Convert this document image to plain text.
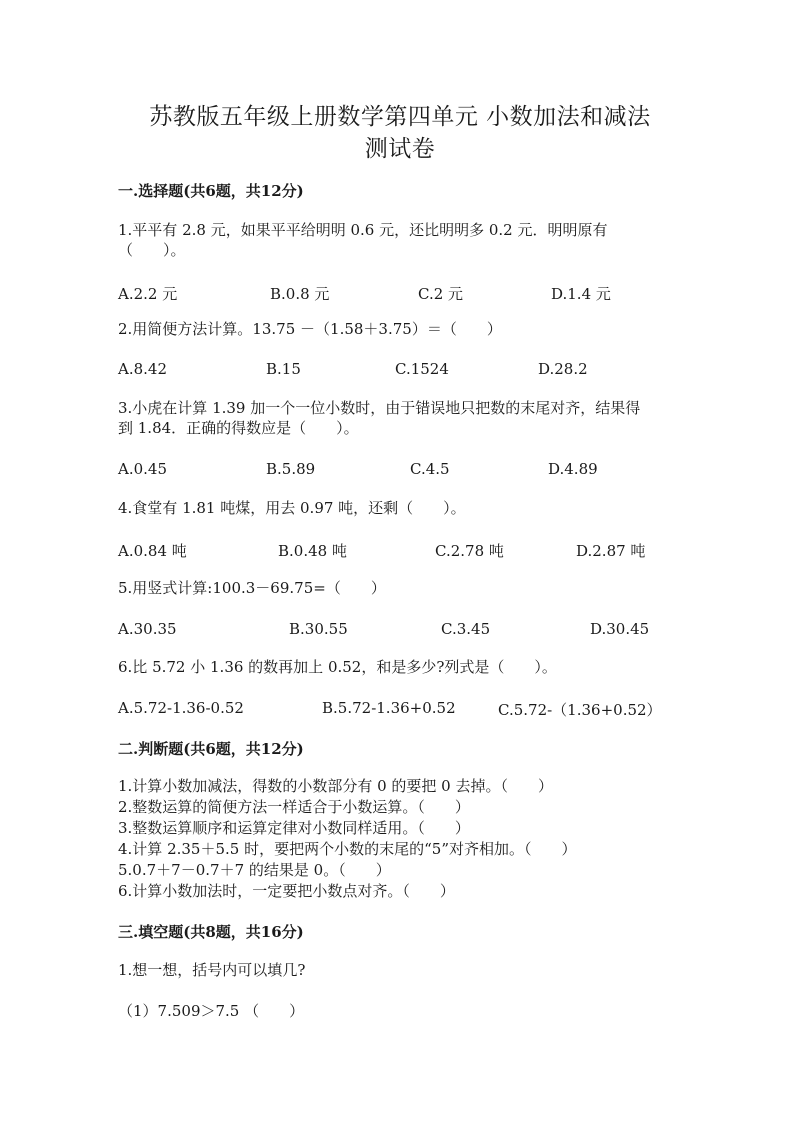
苏教版五年级上册数学第四单元 小数加法和减法
测试卷
一.选择题(共6题，共12分)
1.平平有 2.8 元，如果平平给明明 0.6 元，还比明明多 0.2 元．明明原有
（　　）。
A.2.2 元	B.0.8 元	C.2 元	D.1.4 元
2.用简便方法计算。13.75 －（1.58＋3.75）＝（　　）
A.8.42	B.15	C.1524	D.28.2
3.小虎在计算 1.39 加一个一位小数时，由于错误地只把数的末尾对齐，结果得
到 1.84．正确的得数应是（　　）。
A.0.45	B.5.89	C.4.5	D.4.89
4.食堂有 1.81 吨煤，用去 0.97 吨，还剩（　　）。
A.0.84 吨	B.0.48 吨	C.2.78 吨	D.2.87 吨
5.用竖式计算:100.3－69.75=（　　）
A.30.35	B.30.55	C.3.45	D.30.45
6.比 5.72 小 1.36 的数再加上 0.52，和是多少?列式是（　　）。
A.5.72-1.36-0.52	B.5.72-1.36+0.52	C.5.72-（1.36+0.52）
二.判断题(共6题，共12分)
1.计算小数加减法，得数的小数部分有 0 的要把 0 去掉。（　　）
2.整数运算的简便方法一样适合于小数运算。（　　）
3.整数运算顺序和运算定律对小数同样适用。（　　）
4.计算 2.35＋5.5 时，要把两个小数的末尾的“5”对齐相加。（　　）
5.0.7＋7－0.7＋7 的结果是 0。（　　）
6.计算小数加法时，一定要把小数点对齐。（　　）
三.填空题(共8题，共16分)
1.想一想，括号内可以填几?
（1）7.509＞7.5 （　　）
